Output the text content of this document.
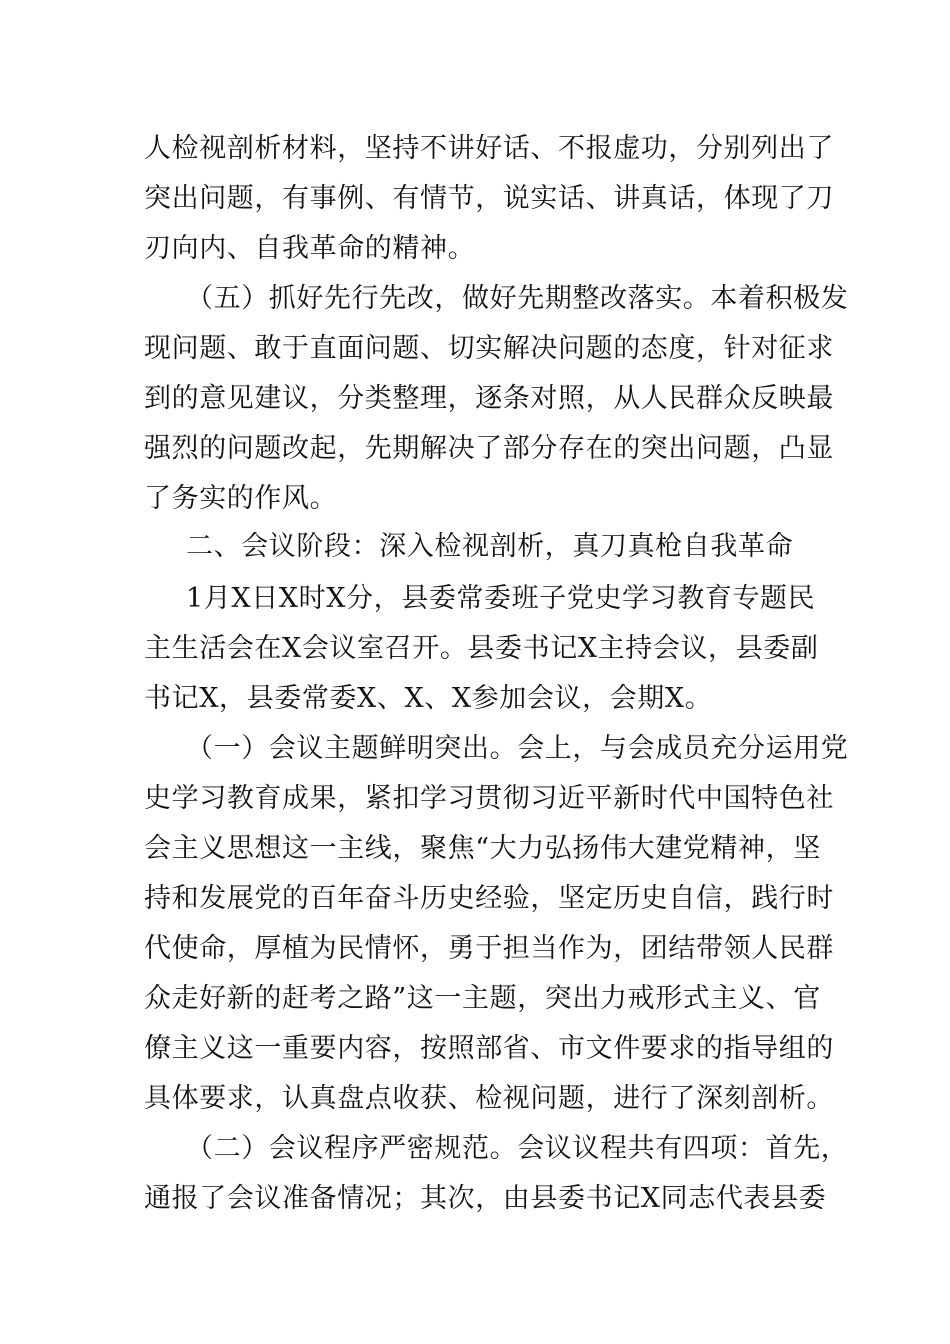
人检视剖析材料，坚持不讲好话、不报虚功，分别列出了
突出问题，有事例、有情节，说实话、讲真话，体现了刀
刃向内、自我革命的精神。
（五）抓好先行先改，做好先期整改落实。本着积极发
现问题、敢于直面问题、切实解决问题的态度，针对征求
到的意见建议，分类整理，逐条对照，从人民群众反映最
强烈的问题改起，先期解决了部分存在的突出问题，凸显
了务实的作风。
二、会议阶段：深入检视剖析，真刀真枪自我革命
1月X日X时X分，县委常委班子党史学习教育专题民
主生活会在X会议室召开。县委书记X主持会议，县委副
书记X，县委常委X、X、X参加会议，会期X。
（一）会议主题鲜明突出。会上，与会成员充分运用党
史学习教育成果，紧扣学习贯彻习近平新时代中国特色社
会主义思想这一主线，聚焦“大力弘扬伟大建党精神，坚
持和发展党的百年奋斗历史经验，坚定历史自信，践行时
代使命，厚植为民情怀，勇于担当作为，团结带领人民群
众走好新的赶考之路”这一主题，突出力戒形式主义、官
僚主义这一重要内容，按照部省、市文件要求的指导组的
具体要求，认真盘点收获、检视问题，进行了深刻剖析。
（二）会议程序严密规范。会议议程共有四项：首先，
通报了会议准备情况；其次，由县委书记X同志代表县委
